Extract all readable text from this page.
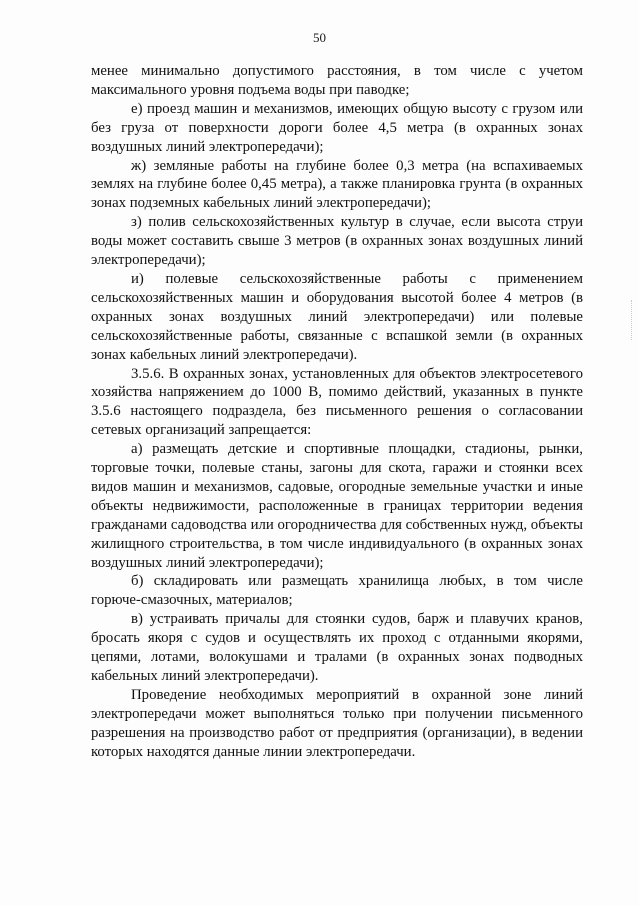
50

менее минимально допустимого расстояния, в том числе с учетом максимального уровня подъема воды при паводке;

е) проезд машин и механизмов, имеющих общую высоту с грузом или без груза от поверхности дороги более 4,5 метра (в охранных зонах воздушных линий электропередачи);

ж) земляные работы на глубине более 0,3 метра (на вспахиваемых землях на глубине более 0,45 метра), а также планировка грунта (в охранных зонах подземных кабельных линий электропередачи);

з) полив сельскохозяйственных культур в случае, если высота струи воды может составить свыше 3 метров (в охранных зонах воздушных линий электропередачи);

и) полевые сельскохозяйственные работы с применением сельскохозяйственных машин и оборудования высотой более 4 метров (в охранных зонах воздушных линий электропередачи) или полевые сельскохозяйственные работы, связанные с вспашкой земли (в охранных зонах кабельных линий электропередачи).

3.5.6. В охранных зонах, установленных для объектов электросетевого хозяйства напряжением до 1000 В, помимо действий, указанных в пункте 3.5.6 настоящего подраздела, без письменного решения о согласовании сетевых организаций запрещается:

а) размещать детские и спортивные площадки, стадионы, рынки, торговые точки, полевые станы, загоны для скота, гаражи и стоянки всех видов машин и механизмов, садовые, огородные земельные участки и иные объекты недвижимости, расположенные в границах территории ведения гражданами садоводства или огородничества для собственных нужд, объекты жилищного строительства, в том числе индивидуального (в охранных зонах воздушных линий электропередачи);

б) складировать или размещать хранилища любых, в том числе горюче-смазочных, материалов;

в) устраивать причалы для стоянки судов, барж и плавучих кранов, бросать якоря с судов и осуществлять их проход с отданными якорями, цепями, лотами, волокушами и тралами (в охранных зонах подводных кабельных линий электропередачи).

Проведение необходимых мероприятий в охранной зоне линий электропередачи может выполняться только при получении письменного разрешения на производство работ от предприятия (организации), в ведении которых находятся данные линии электропередачи.
